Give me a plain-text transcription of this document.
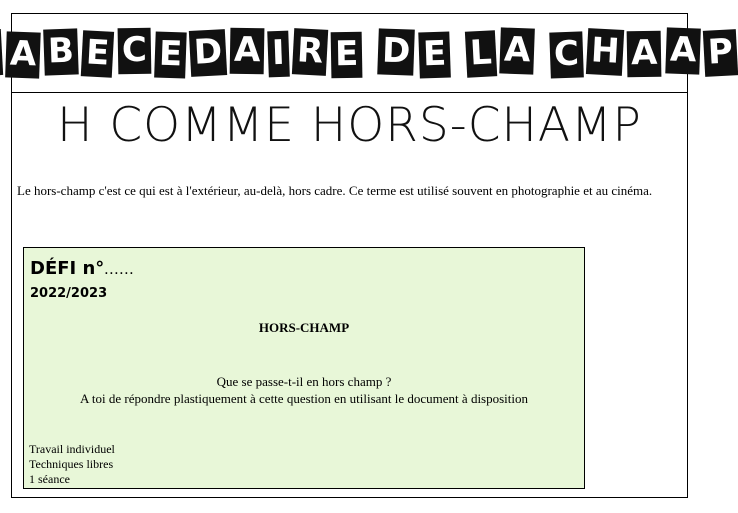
A B E C E D A I R E D E L A C H A A P
H COMME HORS-CHAMP
Le hors-champ c'est ce qui est à l'extérieur, au-delà, hors cadre. Ce terme est utilisé souvent en photographie et au cinéma.
DÉFI n°......
2022/2023
HORS-CHAMP
Que se passe-t-il en hors champ ?
A toi de répondre plastiquement à cette question en utilisant le document à disposition
Travail individuel
Techniques libres
1 séance
